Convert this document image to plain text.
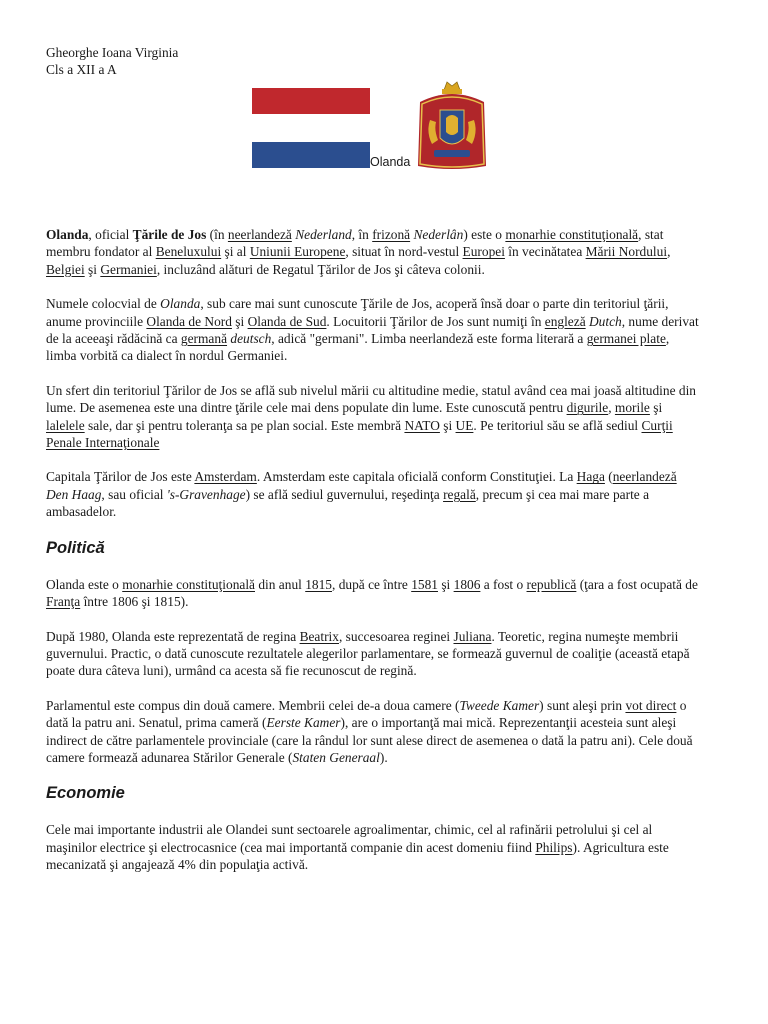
Gheorghe Ioana Virginia

Cls a XII a A

Olanda

Olanda, oficial Ţările de Jos (în neerlandeză Nederland, în frizonă Nederlân) este o monarhie constituţională, stat membru fondator al Beneluxului şi al Uniunii Europene, situat în nord-vestul Europei în vecinătatea Mării Nordului, Belgiei şi Germaniei, incluzând alături de Regatul Ţărilor de Jos şi câteva colonii.

Numele colocvial de Olanda, sub care mai sunt cunoscute Ţările de Jos, acoperă însă doar o parte din teritoriul ţării, anume provinciile Olanda de Nord şi Olanda de Sud. Locuitorii Ţărilor de Jos sunt numiţi în engleză Dutch, nume derivat de la aceeaşi rădăcină ca germană deutsch, adică "germani". Limba neerlandeză este forma literară a germanei plate, limba vorbită ca dialect în nordul Germaniei.

Un sfert din teritoriul Ţărilor de Jos se află sub nivelul mării cu altitudine medie, statul având cea mai joasă altitudine din lume. De asemenea este una dintre ţările cele mai dens populate din lume. Este cunoscută pentru digurile, morile şi lalelele sale, dar şi pentru toleranţa sa pe plan social. Este membră NATO şi UE. Pe teritoriul său se află sediul Curţii Penale Internaţionale

Capitala Ţărilor de Jos este Amsterdam. Amsterdam este capitala oficială conform Constituţiei. La Haga (neerlandeză Den Haag, sau oficial 's-Gravenhage) se află sediul guvernului, reşedinţa regală, precum şi cea mai mare parte a ambasadelor.

Politică

Olanda este o monarhie constituţională din anul 1815, după ce între 1581 şi 1806 a fost o republică (ţara a fost ocupată de Franţa între 1806 şi 1815).

După 1980, Olanda este reprezentată de regina Beatrix, succesoarea reginei Juliana. Teoretic, regina numeşte membrii guvernului. Practic, o dată cunoscute rezultatele alegerilor parlamentare, se formează guvernul de coaliţie (această etapă poate dura câteva luni), urmând ca acesta să fie recunoscut de regină.

Parlamentul este compus din două camere. Membrii celei de-a doua camere (Tweede Kamer) sunt aleşi prin vot direct o dată la patru ani. Senatul, prima cameră (Eerste Kamer), are o importanţă mai mică. Reprezentanţii acesteia sunt aleşi indirect de către parlamentele provinciale (care la rândul lor sunt alese direct de asemenea o dată la patru ani). Cele două camere formează adunarea Stărilor Generale (Staten Generaal).

Economie

Cele mai importante industrii ale Olandei sunt sectoarele agroalimentar, chimic, cel al rafinării petrolului şi cel al maşinilor electrice şi electrocasnice (cea mai importantă companie din acest domeniu fiind Philips). Agricultura este mecanizată şi angajează 4% din populaţia activă.
